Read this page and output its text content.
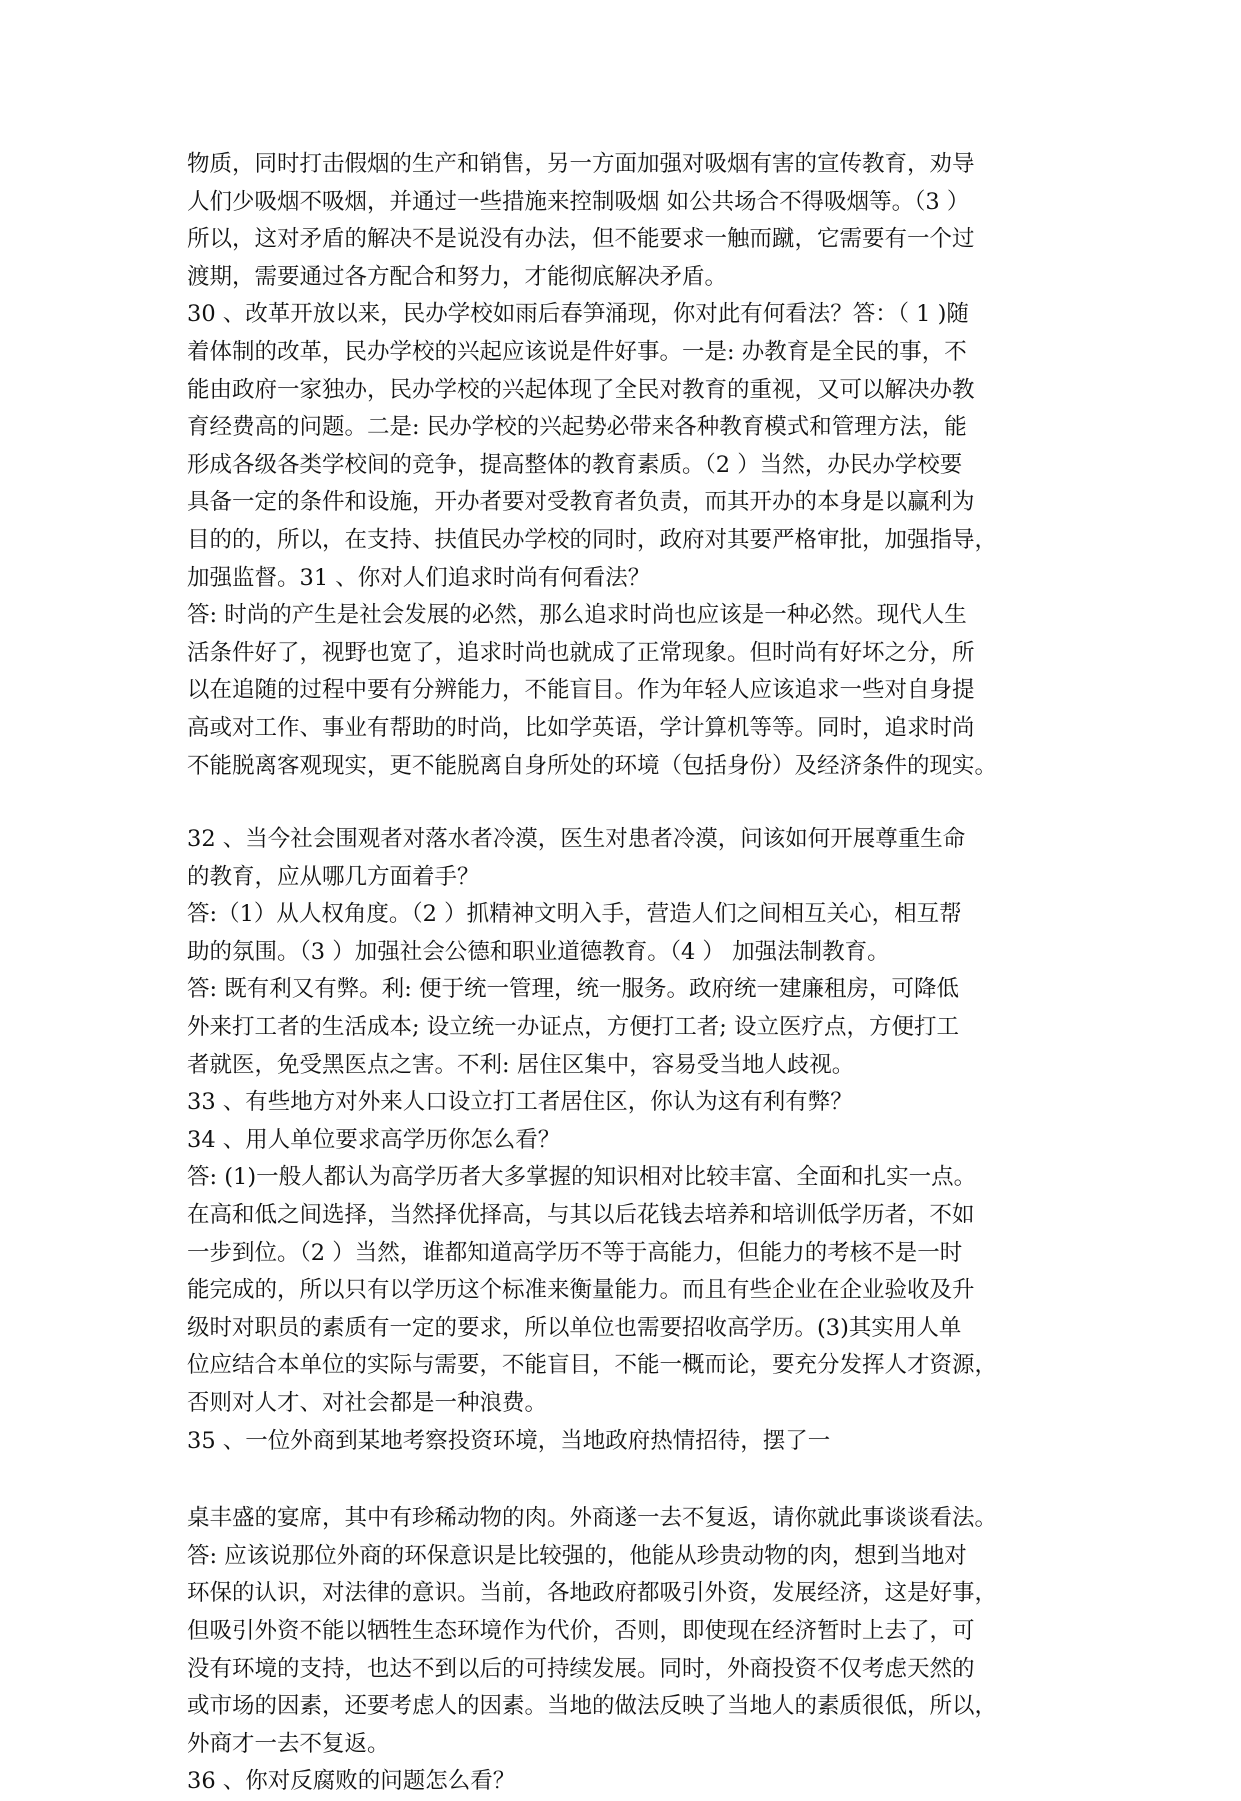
物质，同时打击假烟的生产和销售，另一方面加强对吸烟有害的宣传教育，劝导
人们少吸烟不吸烟，并通过一些措施来控制吸烟 如公共场合不得吸烟等。（3 ）
所以，这对矛盾的解决不是说没有办法，但不能要求一触而蹴，它需要有一个过
渡期，需要通过各方配合和努力，才能彻底解决矛盾。
30 、改革开放以来，民办学校如雨后春笋涌现，你对此有何看法？答：（ 1 )随
着体制的改革，民办学校的兴起应该说是件好事。一是: 办教育是全民的事，不
能由政府一家独办，民办学校的兴起体现了全民对教育的重视，又可以解决办教
育经费高的问题。二是: 民办学校的兴起势必带来各种教育模式和管理方法，能
形成各级各类学校间的竞争，提高整体的教育素质。（2 ）当然，办民办学校要
具备一定的条件和设施，开办者要对受教育者负责，而其开办的本身是以赢利为
目的的，所以，在支持、扶值民办学校的同时，政府对其要严格审批，加强指导，
加强监督。31 、你对人们追求时尚有何看法？
答: 时尚的产生是社会发展的必然，那么追求时尚也应该是一种必然。现代人生
活条件好了，视野也宽了，追求时尚也就成了正常现象。但时尚有好坏之分，所
以在追随的过程中要有分辨能力，不能盲目。作为年轻人应该追求一些对自身提
高或对工作、事业有帮助的时尚，比如学英语，学计算机等等。同时，追求时尚
不能脱离客观现实，更不能脱离自身所处的环境（包括身份）及经济条件的现实。

32 、当今社会围观者对落水者冷漠，医生对患者冷漠，问该如何开展尊重生命
的教育，应从哪几方面着手？
答:（1）从人权角度。（2 ）抓精神文明入手，营造人们之间相互关心，相互帮
助的氛围。（3 ）加强社会公德和职业道德教育。（4 ） 加强法制教育。
答: 既有利又有弊。利: 便于统一管理，统一服务。政府统一建廉租房，可降低
外来打工者的生活成本; 设立统一办证点，方便打工者; 设立医疗点，方便打工
者就医，免受黑医点之害。不利: 居住区集中，容易受当地人歧视。
33 、有些地方对外来人口设立打工者居住区，你认为这有利有弊？
34 、用人单位要求高学历你怎么看？
答: (1)一般人都认为高学历者大多掌握的知识相对比较丰富、全面和扎实一点。
在高和低之间选择，当然择优择高，与其以后花钱去培养和培训低学历者，不如
一步到位。（2 ）当然，谁都知道高学历不等于高能力，但能力的考核不是一时
能完成的，所以只有以学历这个标准来衡量能力。而且有些企业在企业验收及升
级时对职员的素质有一定的要求，所以单位也需要招收高学历。(3)其实用人单
位应结合本单位的实际与需要，不能盲目，不能一概而论，要充分发挥人才资源，
否则对人才、对社会都是一种浪费。
35 、一位外商到某地考察投资环境，当地政府热情招待，摆了一

桌丰盛的宴席，其中有珍稀动物的肉。外商遂一去不复返，请你就此事谈谈看法。
答: 应该说那位外商的环保意识是比较强的，他能从珍贵动物的肉，想到当地对
环保的认识，对法律的意识。当前，各地政府都吸引外资，发展经济，这是好事，
但吸引外资不能以牺牲生态环境作为代价，否则，即使现在经济暂时上去了，可
没有环境的支持，也达不到以后的可持续发展。同时，外商投资不仅考虑天然的
或市场的因素，还要考虑人的因素。当地的做法反映了当地人的素质很低，所以，
外商才一去不复返。
36 、你对反腐败的问题怎么看？
